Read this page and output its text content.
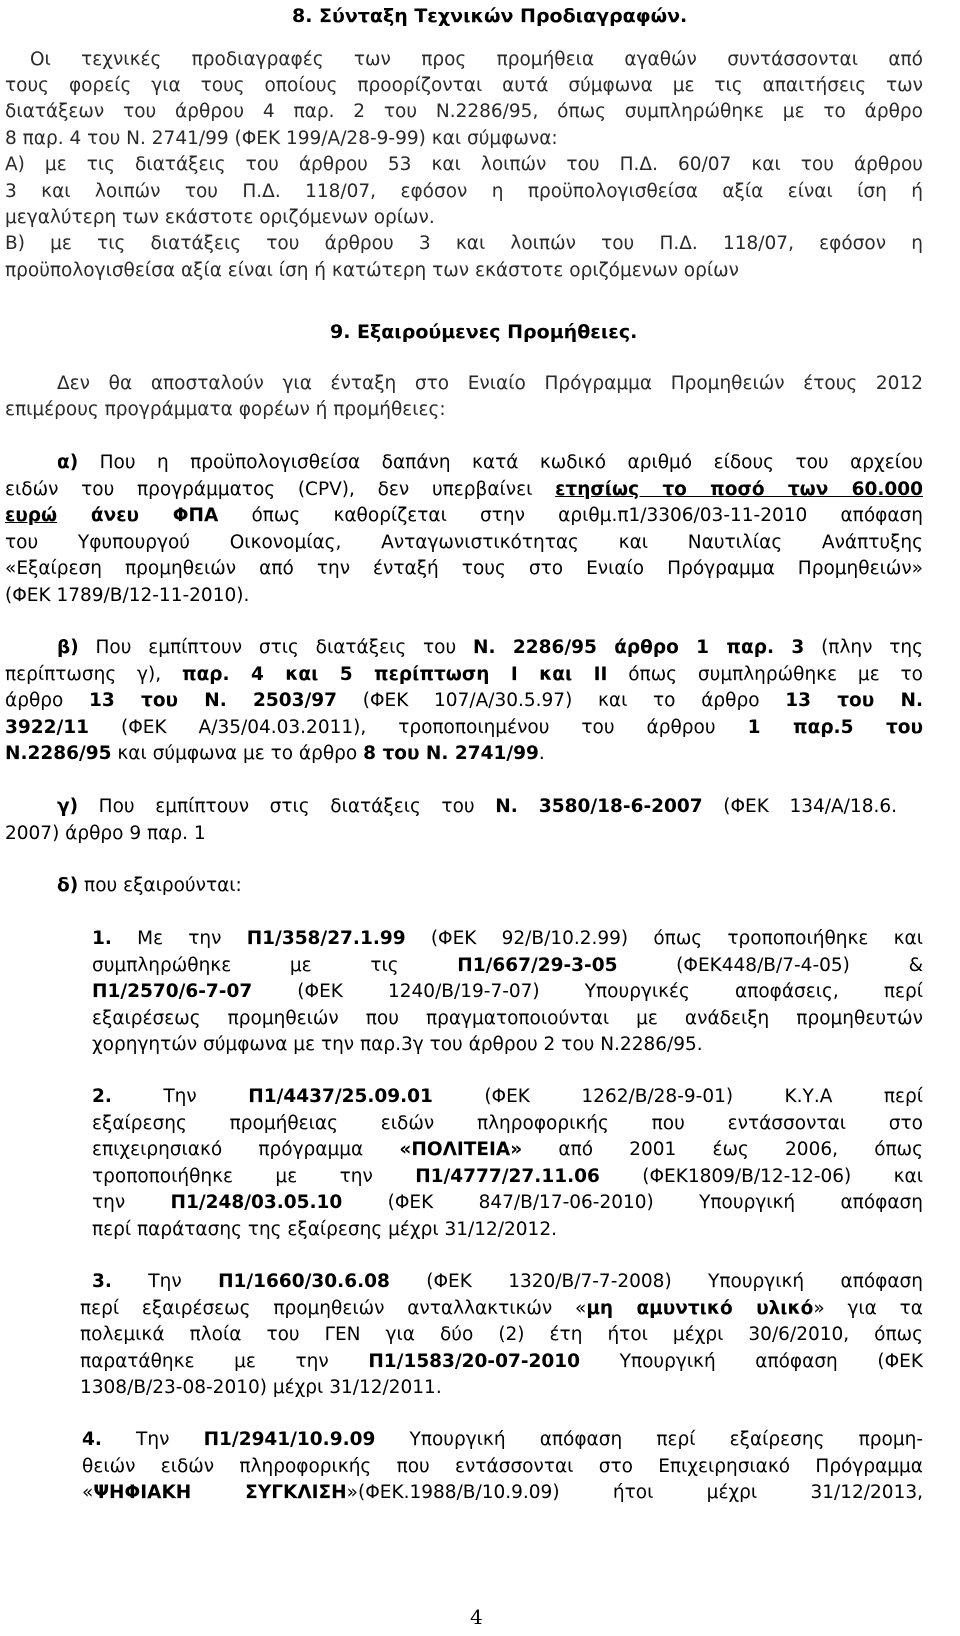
8. Σύνταξη Τεχνικών Προδιαγραφών.
Οι τεχνικές προδιαγραφές των προς προμήθεια αγαθών συντάσσονται από
τους φορείς για τους οποίους προορίζονται αυτά σύμφωνα με τις απαιτήσεις των
διατάξεων του άρθρου 4 παρ. 2 του Ν.2286/95, όπως συμπληρώθηκε με το άρθρο
8 παρ. 4 του Ν. 2741/99 (ΦΕΚ 199/Α/28-9-99) και σύμφωνα:
Α) με τις διατάξεις του άρθρου 53 και λοιπών του Π.Δ. 60/07 και του άρθρου
3 και λοιπών του Π.Δ. 118/07, εφόσον η προϋπολογισθείσα αξία είναι ίση ή
μεγαλύτερη των εκάστοτε οριζόμενων ορίων.
Β) με τις διατάξεις του άρθρου 3 και λοιπών του Π.Δ. 118/07, εφόσον η
προϋπολογισθείσα αξία είναι ίση ή κατώτερη των εκάστοτε οριζόμενων ορίων
9. Εξαιρούμενες Προμήθειες.
Δεν θα αποσταλούν για ένταξη στο Ενιαίο Πρόγραμμα Προμηθειών έτους 2012
επιμέρους προγράμματα φορέων ή προμήθειες:
α) Που η προϋπολογισθείσα δαπάνη κατά κωδικό αριθμό είδους του αρχείου
ειδών του προγράμματος (CPV), δεν υπερβαίνει ετησίως το ποσό των 60.000
ευρώ άνευ ΦΠΑ όπως καθορίζεται στην αριθμ.π1/3306/03-11-2010 απόφαση
του Υφυπουργού Οικονομίας, Ανταγωνιστικότητας και Ναυτιλίας Ανάπτυξης
«Εξαίρεση προμηθειών από την ένταξή τους στο Ενιαίο Πρόγραμμα Προμηθειών»
(ΦΕΚ 1789/Β/12-11-2010).
β) Που εμπίπτουν στις διατάξεις του Ν. 2286/95 άρθρο 1 παρ. 3 (πλην της
περίπτωσης γ), παρ. 4 και 5 περίπτωση Ι και ΙΙ όπως συμπληρώθηκε με το
άρθρο 13 του Ν. 2503/97 (ΦΕΚ 107/Α/30.5.97) και το άρθρο 13 του Ν.
3922/11 (ΦΕΚ Α/35/04.03.2011), τροποποιημένου του άρθρου 1 παρ.5 του
Ν.2286/95 και σύμφωνα με το άρθρο 8 του Ν. 2741/99.
γ) Που εμπίπτουν στις διατάξεις του Ν. 3580/18-6-2007 (ΦΕΚ 134/Α/18.6.
2007) άρθρο 9 παρ. 1
δ) που εξαιρούνται:
1. Με την Π1/358/27.1.99 (ΦΕΚ 92/Β/10.2.99) όπως τροποποιήθηκε και
συμπληρώθηκε με τις Π1/667/29-3-05 (ΦΕΚ448/Β/7-4-05) &
Π1/2570/6-7-07 (ΦΕΚ 1240/Β/19-7-07) Υπουργικές αποφάσεις, περί
εξαιρέσεως προμηθειών που πραγματοποιούνται με ανάδειξη προμηθευτών
χορηγητών σύμφωνα με την παρ.3γ του άρθρου 2 του Ν.2286/95.
2. Την Π1/4437/25.09.01 (ΦΕΚ 1262/Β/28-9-01) Κ.Υ.Α περί
εξαίρεσης προμήθειας ειδών πληροφορικής που εντάσσονται στο
επιχειρησιακό πρόγραμμα «ΠΟΛΙΤΕΙΑ» από 2001 έως 2006, όπως
τροποποιήθηκε με την Π1/4777/27.11.06 (ΦΕΚ1809/Β/12-12-06) και
την Π1/248/03.05.10 (ΦΕΚ 847/Β/17-06-2010) Υπουργική απόφαση
περί παράτασης της εξαίρεσης μέχρι 31/12/2012.
3. Την Π1/1660/30.6.08 (ΦΕΚ 1320/Β/7-7-2008) Υπουργική απόφαση
περί εξαιρέσεως προμηθειών ανταλλακτικών «μη αμυντικό υλικό» για τα
πολεμικά πλοία του ΓΕΝ για δύο (2) έτη ήτοι μέχρι 30/6/2010, όπως
παρατάθηκε με την Π1/1583/20-07-2010 Υπουργική απόφαση (ΦΕΚ
1308/Β/23-08-2010) μέχρι 31/12/2011.
4. Την Π1/2941/10.9.09 Υπουργική απόφαση περί εξαίρεσης προμη-
θειών ειδών πληροφορικής που εντάσσονται στο Επιχειρησιακό Πρόγραμμα
«ΨΗΦΙΑΚΗ ΣΥΓΚΛΙΣΗ»(ΦΕΚ.1988/Β/10.9.09) ήτοι μέχρι 31/12/2013,
4
